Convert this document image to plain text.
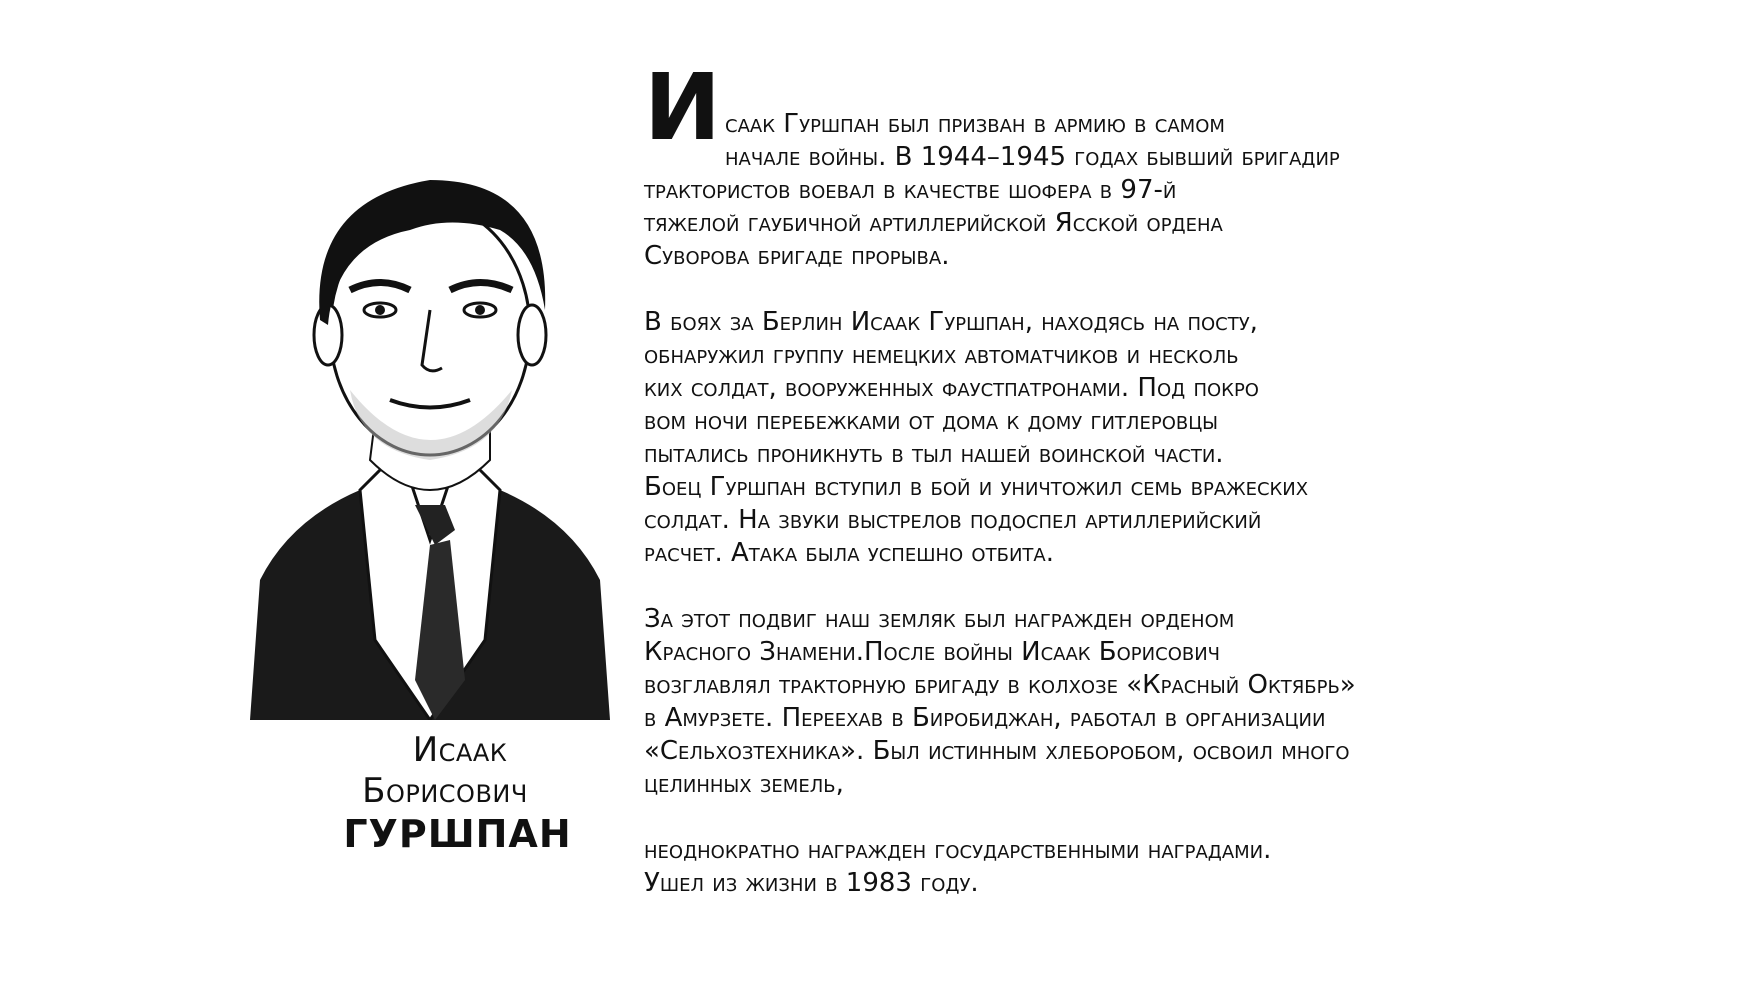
Исаак
Борисович
ГУРШПАН
И саак Гуршпан был призван в армию в самом
начале войны. В 1944–1945 годах бывший бригадир
трактористов воевал в качестве шофера в 97-й
тяжелой гаубичной артиллерийской Ясской ордена
Суворова бригаде прорыва.
В боях за Берлин Исаак Гуршпан, находясь на посту,
обнаружил группу немецких автоматчиков и несколь
ких солдат, вооруженных фаустпатронами. Под покро
вом ночи перебежками от дома к дому гитлеровцы
пытались проникнуть в тыл нашей воинской части.
Боец Гуршпан вступил в бой и уничтожил семь вражеских
солдат. На звуки выстрелов подоспел артиллерийский
расчет. Атака была успешно отбита.
За этот подвиг наш земляк был награжден орденом
Красного Знамени.После войны Исаак Борисович
возглавлял тракторную бригаду в колхозе «Красный Октябрь»
в Амурзете. Переехав в Биробиджан, работал в организации
«Сельхозтехника». Был истинным хлеборобом, освоил много
целинных земель,
неоднократно награжден государственными наградами.
Ушел из жизни в 1983 году.
